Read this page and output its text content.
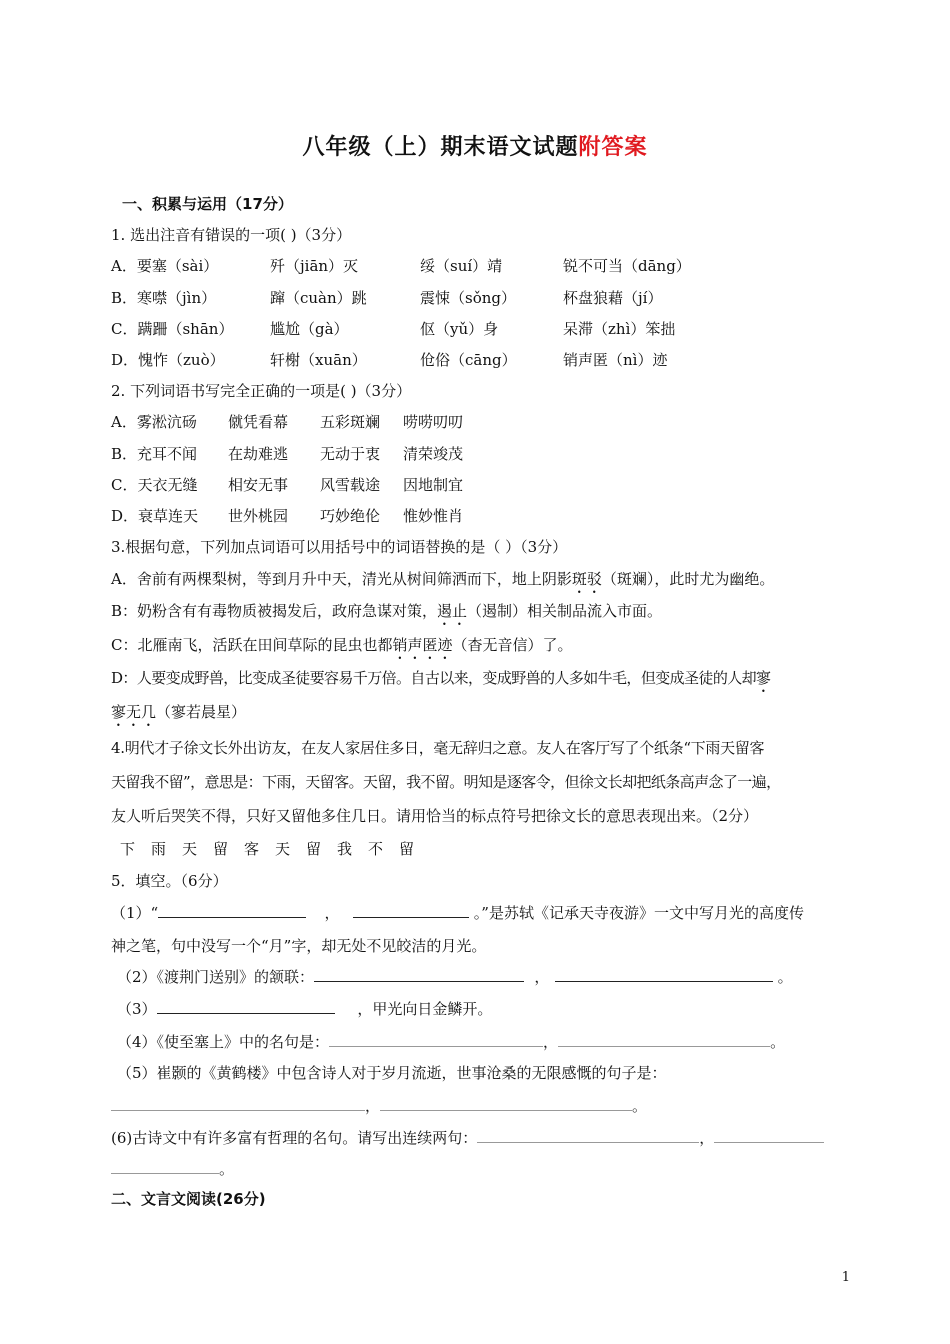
八年级（上）期末语文试题附答案
一、积累与运用（17分）
1. 选出注音有错误的一项( )（3分）
A．要塞（sài）	歼（jiān）灭	绥（suí）靖	锐不可当（dāng）
B．寒噤（jìn）	蹿（cuàn）跳	震悚（sǒng）	杯盘狼藉（jí）
C．蹒跚（shān） 尴尬（gà）	伛（yǔ）身	呆滞（zhì）笨拙
D．愧怍（zuò）	轩榭（xuān）	伧俗（cāng）	销声匿（nì）迹
2. 下列词语书写完全正确的一项是( )（3分）
A．雾淞沆砀 僦凭看幕 五彩斑斓 唠唠叨叨
B．充耳不闻 在劫难逃 无动于衷 清荣竣茂
C．天衣无缝 相安无事 风雪载途 因地制宜
D．衰草连天 世外桃园 巧妙绝伦 惟妙惟肖
3.根据句意，下列加点词语可以用括号中的词语替换的是（ ）（3分）
A．舍前有两棵梨树，等到月升中天，清光从树间筛洒而下，地上阴影斑驳（斑斓），此时尤为幽绝。
B：奶粉含有有毒物质被揭发后，政府急谋对策，遏止（遏制）相关制品流入市面。
C：北雁南飞，活跃在田间草际的昆虫也都销声匿迹（杳无音信）了。
D：人要变成野兽，比变成圣徒要容易千万倍。自古以来，变成野兽的人多如牛毛，但变成圣徒的人却寥
寥无几（寥若晨星）
4.明代才子徐文长外出访友，在友人家居住多日，毫无辞归之意。友人在客厅写了个纸条“下雨天留客
天留我不留”，意思是：下雨，天留客。天留，我不留。明知是逐客令，但徐文长却把纸条高声念了一遍，
友人听后哭笑不得，只好又留他多住几日。请用恰当的标点符号把徐文长的意思表现出来。（2分）
下 雨 天 留 客 天 留 我 不 留
5．填空。（6分）
（1）“	，	。”是苏轼《记承天寺夜游》一文中写月光的高度传
神之笔，句中没写一个“月”字，却无处不见皎洁的月光。
（2）《渡荆门送别》的颔联：	，	。
（3）	，甲光向日金鳞开。
（4）《使至塞上》中的名句是：	，	。
（5）崔颢的《黄鹤楼》中包含诗人对于岁月流逝，世事沧桑的无限感慨的句子是：
，	。
(6)古诗文中有许多富有哲理的名句。请写出连续两句：	，
。
二、文言文阅读(26分)
1
